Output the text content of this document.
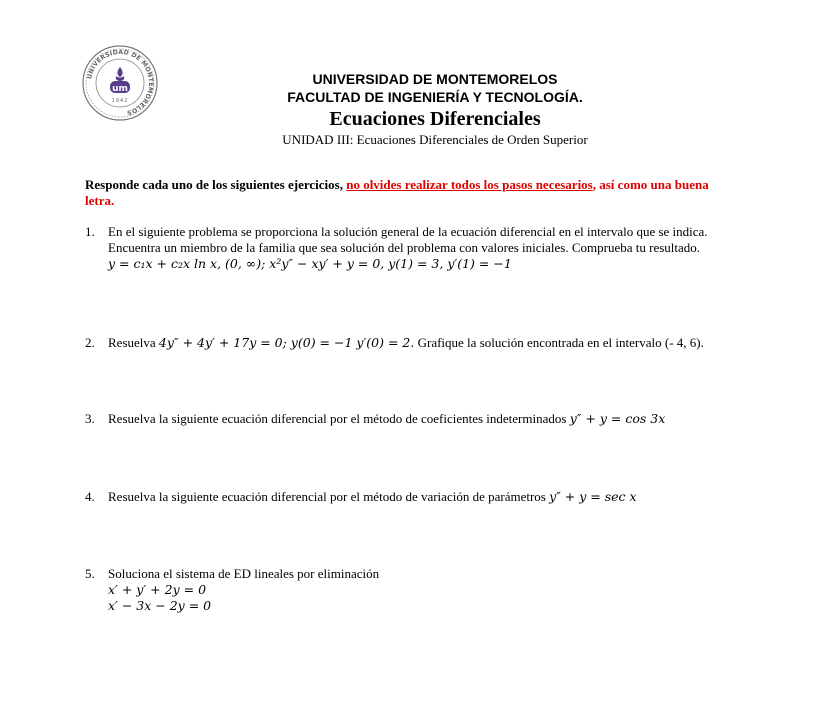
UNIVERSIDAD DE MONTEMORELOS
um
1942
UNIVERSIDAD DE MONTEMORELOS
FACULTAD DE INGENIERÍA Y TECNOLOGÍA.
Ecuaciones Diferenciales
UNIDAD III: Ecuaciones Diferenciales de Orden Superior
Responde cada uno de los siguientes ejercicios, no olvides realizar todos los pasos necesarios, así como una buena letra.
1.	En el siguiente problema se proporciona la solución general de la ecuación diferencial en el intervalo que se indica. Encuentra un miembro de la familia que sea solución del problema con valores iniciales. Comprueba tu resultado.
y = c₁x + c₂x ln x, (0, ∞); x²y″ − xy′ + y = 0, y(1) = 3, y′(1) = −1
2.	Resuelva 4y″ + 4y′ + 17y = 0; y(0) = −1 y′(0) = 2. Grafique la solución encontrada en el intervalo (- 4, 6).
3.	Resuelva la siguiente ecuación diferencial por el método de coeficientes indeterminados y″ + y = cos 3x
4.	Resuelva la siguiente ecuación diferencial por el método de variación de parámetros y″ + y = sec x
5.	Soluciona el sistema de ED lineales por eliminación
x′ + y′ + 2y = 0
x′ − 3x − 2y = 0
